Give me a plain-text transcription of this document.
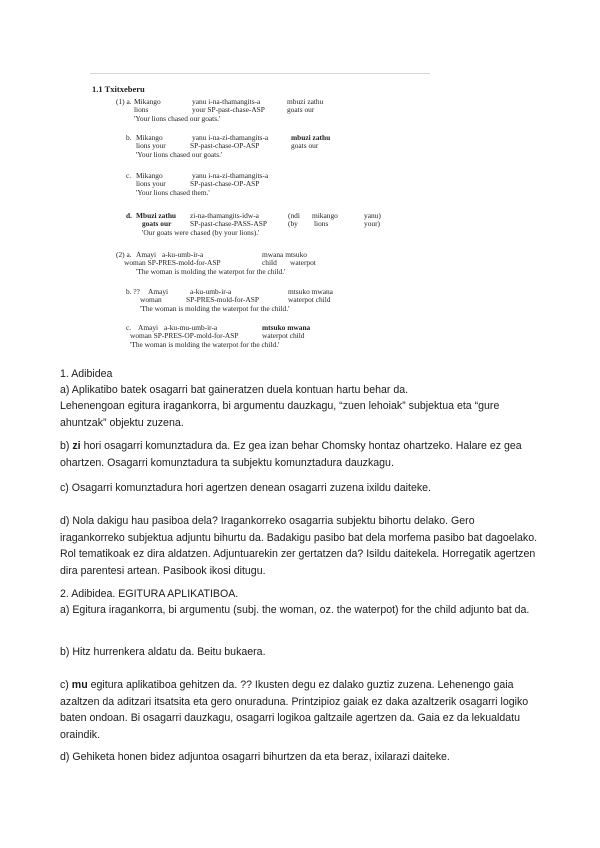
1.1 Txitxeberu
(1) a. Mikango	yanu i-na-thamangits-a	mbuzi zathu
lions	your SP-past-chase-ASP	goats our
'Your lions chased our goats.'
b. Mikango	yanu i-na-zi-thamangits-a	mbuzi zathu
lions your	SP-past-chase-OP-ASP	goats our
'Your lions chased our goats.'
c. Mikango	yanu i-na-zi-thamangits-a
lions your	SP-past-chase-OP-ASP
'Your lions chased them.'
d. Mbuzi zathu zi-na-thamangits-idw-a	(ndi mikango	yanu)
goats our	SP-past-chase-PASS-ASP	(by lions	your)
'Our goats were chased (by your lions).'
(2) a. Amayi a-ku-umb-ir-a	mwana mtsuko
woman SP-PRES-mold-for-ASP	child waterpot
'The woman is molding the waterpot for the child.'
b. ?? Amayi	a-ku-umb-ir-a	mtsuko mwana
woman	SP-PRES-mold-for-ASP	waterpot child
'The woman is molding the waterpot for the child.'
c. Amayi a-ku-mu-umb-ir-a	mtsuko mwana
woman SP-PRES-OP-mold-for-ASP	waterpot child
'The woman is molding the waterpot for the child.'
1. Adibidea
a) Aplikatibo batek osagarri bat gaineratzen duela kontuan hartu behar da.
Lehenengoan egitura iragankorra, bi argumentu dauzkagu, “zuen lehoiak” subjektua eta “gure ahuntzak” objektu zuzena.
b) zi hori osagarri komunztadura da. Ez gea izan behar Chomsky hontaz ohartzeko. Halare ez gea ohartzen. Osagarri komunztadura ta subjektu komunztadura dauzkagu.
c) Osagarri komunztadura hori agertzen denean osagarri zuzena ixildu daiteke.
d) Nola dakigu hau pasiboa dela? Iragankorreko osagarria subjektu bihortu delako. Gero iragankorreko subjektua adjuntu bihurtu da. Badakigu pasibo bat dela morfema pasibo bat dagoelako. Rol tematikoak ez dira aldatzen. Adjuntuarekin zer gertatzen da? Isildu daitekela. Horregatik agertzen dira parentesi artean. Pasibook ikosi ditugu.
2. Adibidea. EGITURA APLIKATIBOA.
a) Egitura iragankorra, bi argumentu (subj. the woman, oz. the waterpot) for the child adjunto bat da.
b) Hitz hurrenkera aldatu da. Beitu bukaera.
c) mu egitura aplikatiboa gehitzen da. ?? Ikusten degu ez dalako guztiz zuzena. Lehenengo gaia azaltzen da aditzari itsatsita eta gero onuraduna. Printzipioz gaiak ez daka azaltzerik osagarri logiko baten ondoan. Bi osagarri dauzkagu, osagarri logikoa galtzaile agertzen da. Gaia ez da lekualdatu oraindik.
d) Gehiketa honen bidez adjuntoa osagarri bihurtzen da eta beraz, ixilarazi daiteke.
